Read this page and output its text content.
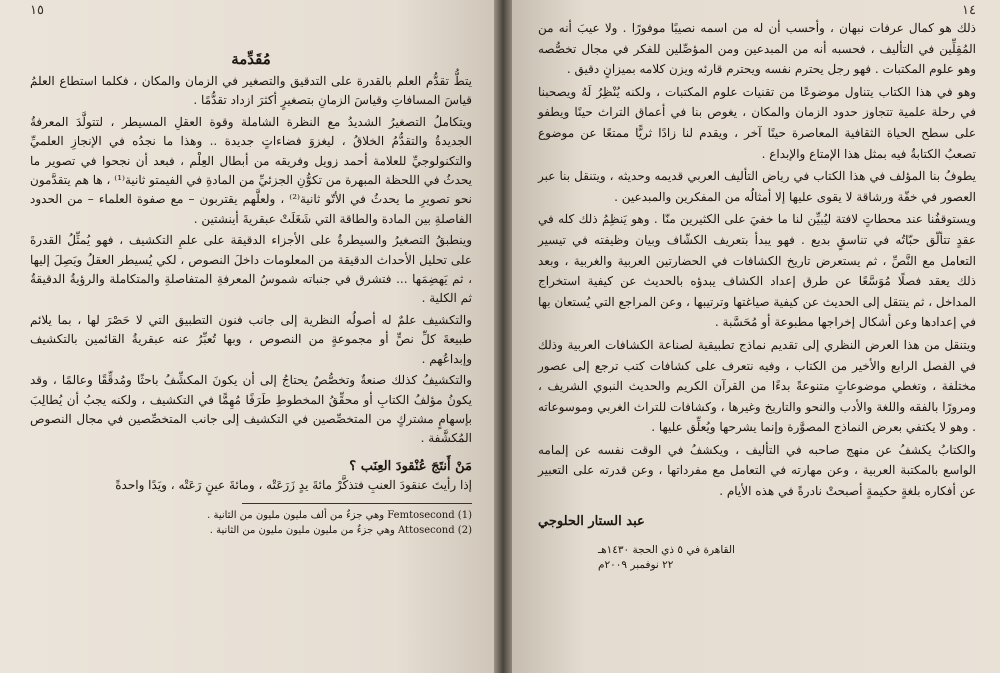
١٥
مُقَدِّمة

يتطُّ تقدُّم العلم بالقدرة على التدقيق والتصغير في الزمان والمكان ، فكلما استطاع العلمُ قياسَ المسافاتِ وقياسَ الزمانِ بتصغيرٍ أكثرَ ازداد تقدُّمًا .

ويتكاملُ التصغيرُ الشديدُ مع النظرة الشاملة وقوة العقلِ المسيطر ، لتتولَّدَ المعرفةُ الجديدةُ والتقدُّمُ الخلاقُ ، ليغزوَ فضاءاتٍ جديدة .. وهذا ما نجدُه في الإنجازِ العلميِّ والتكنولوجيِّ للعلامة أحمد زويل وفريقه من أبطال العِلْم ، فبعد أن نجحوا في تصوير ما يحدثُ في اللحظة المبهرة من تكوُّنِ الجزئيِّ من المادةِ في الفيمتو ثانية⁽¹⁾ ، ها هم يتقدَّمون نحو تصويرِ ما يحدثُ في الأتّو ثانية⁽²⁾ ، ولعلَّهم يقتربون – مع صفوة العلماء – من الحدود الفاصلةِ بين المادة والطاقة التي شَغَلَتْ عبقريةَ أينشتين .

وينطبقُ التصغيرُ والسيطرةُ على الأجزاء الدقيقة على علمِ التكشيف ، فهو يُمثِّلُ القدرةَ على تحليل الأحداث الدقيقة من المعلومات داخلَ النصوص ، لكي يُسيطر العقلُ ويَصِلَ إليها ، ثم يَهضِمَها ... فتشرق في جنباته شموسُ المعرفةِ المتفاصلةِ والمتكاملة والرؤيةُ الدقيقةُ ثم الكلية .

والتكشيف علمٌ له أصولُه النظرية إلى جانب فنون التطبيق التي لا حَصْرَ لها ، بما يلائم طبيعةَ كلِّ نصٍّ أو مجموعةٍ من النصوص ، وبها تُعبِّرُ عنه عبقريةُ القائمين بالتكشيف وإبداعُهم .

والتكشيفُ كذلك صنعةٌ وتخصُّصٌ يحتاجُ إلى أن يكونَ المكشِّفُ باحثًا ومُدقِّقًا وعالمًا ، وقد يكونُ مؤلفُ الكتابِ أو محقِّقُ المخطوطِ طَرَفًا مُهِمًّا في التكشيف ، ولكنه يجبُ أن يُطالِبَ بإسهامٍ مشتركٍ من المتخصِّصين في التكشيف إلى جانب المتخصِّصين في مجال النصوص المُكشَّفة .

مَنْ أَنتَجَ عُنْقودَ العِنَب ؟

إذا رأيتَ عنقودَ العنبِ فتذكَّرْ مائةَ يدٍ زَرَعَتْه ، ومائةَ عينٍ رَعَتْه ، ويَدًا واحدةً

(1) Femtosecond وهي جزءٌ من ألف مليون مليون من الثانية .
(2) Attosecond وهي جزءٌ من مليون مليون مليون من الثانية .
١٤

ذلك هو كمال عرفات نبهان ، وأحسب أن له من اسمه نصيبًا موفورًا . ولا عيبَ أنه من المُقِلِّين في التأليف ، فحسبه أنه من المبدعين ومن المؤصِّلين للفكر في مجال تخصُّصه وهو علوم المكتبات . فهو رجل يحترم نفسه ويحترم قارئه ويزن كلامه بميزانٍ دقيق .

وهو في هذا الكتاب يتناول موضوعًا من تقنيات علوم المكتبات ، ولكنه يُنْظِرُ لَهُ ويصحبنا في رحلة علمية تتجاوز حدود الزمان والمكان ، يغوص بنا في أعماق التراث حينًا ويطفو على سطح الحياة الثقافية المعاصرة حينًا آخر ، ويقدم لنا زادًا ثريًّا ممتعًا عن موضوع تصعبُ الكتابةُ فيه بمثل هذا الإمتاع والإبداع .

يطوفُ بنا المؤلف في هذا الكتاب في رياض التأليف العربي قديمه وحديثه ، ويتنقل بنا عبر العصور في خفّة ورشاقة لا يقوى عليها إلا أمثالُه من المفكرين والمبدعين .

ويستوقفُنا عند محطاتٍ لافتة ليُبيِّن لنا ما خفيَ على الكثيرين منّا . وهو يَنظِمُ ذلك كله في عقدٍ تتألّق حبّاتُه في تناسقٍ بديع . فهو يبدأ بتعريف الكشّاف وبيان وظيفته في تيسير التعامل مع النَّصِّ ، ثم يستعرض تاريخ الكشافات في الحضارتين العربية والغربية ، وبعد ذلك يعقد فصلًا مُوَسَّعًا عن طرق إعداد الكشاف يبدؤه بالحديث عن كيفية استخراج المداخل ، ثم ينتقل إلى الحديث عن كيفية صياغتها وترتيبها ، وعن المراجع التي يُستعان بها في إعدادها وعن أشكال إخراجها مطبوعة أو مُحَسَّبة .

ويتنقل من هذا العرض النظري إلى تقديم نماذج تطبيقية لصناعة الكشافات العربية وذلك في الفصل الرابع والأخير من الكتاب ، وفيه نتعرف على كشافات كتب ترجع إلى عصور مختلفة ، وتغطي موضوعاتٍ متنوعةً بدءًا من القرآن الكريم والحديث النبوي الشريف ، ومرورًا بالفقه واللغة والأدب والنحو والتاريخ وغيرها ، وكشافات للتراث الغربي وموسوعاته . وهو لا يكتفي بعرض النماذج المصوَّرة وإنما يشرحها ويُعلِّق عليها .

والكتابُ يكشفُ عن منهج صاحبه في التأليف ، ويكشفُ في الوقت نفسه عن إلمامه الواسع بالمكتبة العربية ، وعن مهارته في التعامل مع مفرداتها ، وعن قدرته على التعبير عن أفكاره بلغةٍ حكيمةٍ أصبحتْ نادرةً في هذه الأيام .

عبد الستار الحلوجي
القاهرة في ٥ ذي الحجة ١٤٣٠هـ
٢٢ نوفمبر ٢٠٠٩م
